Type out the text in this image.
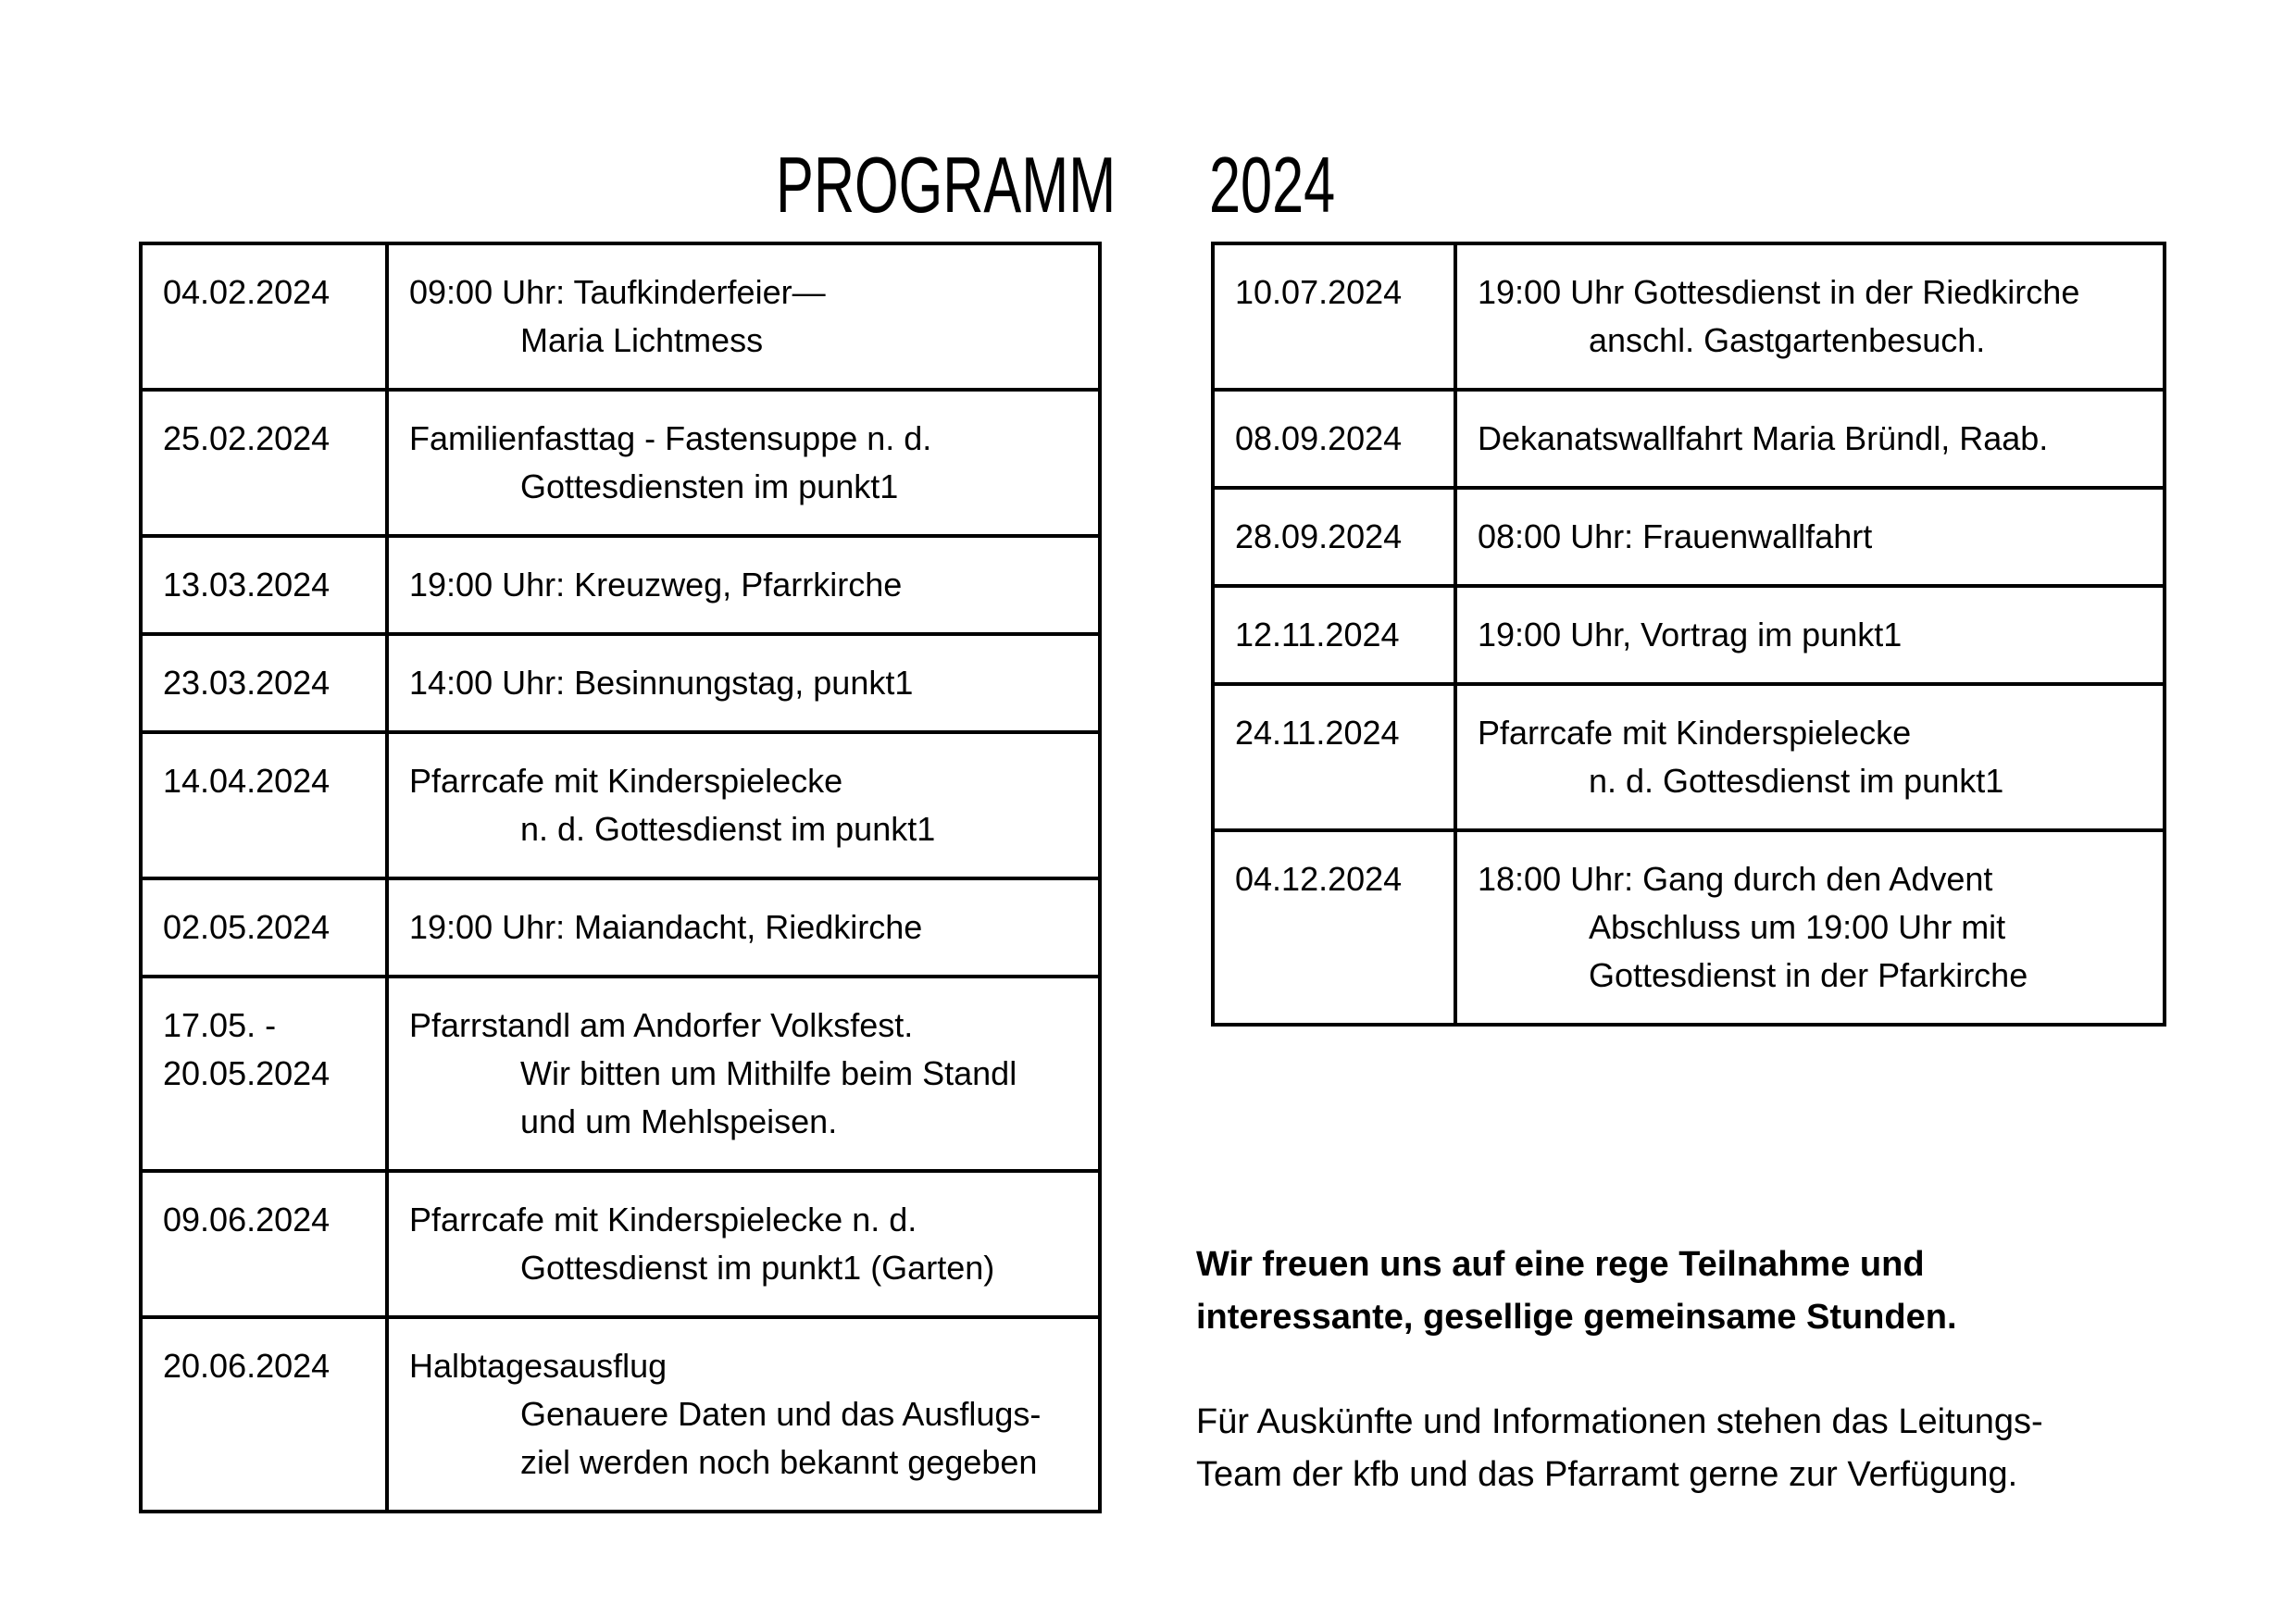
PROGRAMM 2024
04.02.2024	09:00 Uhr: Taufkinderfeier—
Maria Lichtmess
25.02.2024	Familienfasttag - Fastensuppe n. d.
Gottesdiensten im punkt1
13.03.2024	19:00 Uhr: Kreuzweg, Pfarrkirche
23.03.2024	14:00 Uhr: Besinnungstag, punkt1
14.04.2024	Pfarrcafe mit Kinderspielecke
n. d. Gottesdienst im punkt1
02.05.2024	19:00 Uhr: Maiandacht, Riedkirche
17.05. -
20.05.2024
Pfarrstandl am Andorfer Volksfest.
Wir bitten um Mithilfe beim Standl
und um Mehlspeisen.
09.06.2024	Pfarrcafe mit Kinderspielecke n. d.
Gottesdienst im punkt1 (Garten)
20.06.2024	Halbtagesausflug
Genauere Daten und das Ausflugs-
ziel werden noch bekannt gegeben
10.07.2024	19:00 Uhr Gottesdienst in der Riedkirche
anschl. Gastgartenbesuch.
08.09.2024	Dekanatswallfahrt Maria Bründl, Raab.
28.09.2024	08:00 Uhr: Frauenwallfahrt
12.11.2024	19:00 Uhr, Vortrag im punkt1
24.11.2024	Pfarrcafe mit Kinderspielecke
n. d. Gottesdienst im punkt1
04.12.2024	18:00 Uhr: Gang durch den Advent
Abschluss um 19:00 Uhr mit
Gottesdienst in der Pfarkirche
Wir freuen uns auf eine rege Teilnahme und
interessante, gesellige gemeinsame Stunden.
Für Auskünfte und Informationen stehen das Leitungs-
Team der kfb und das Pfarramt gerne zur Verfügung.
